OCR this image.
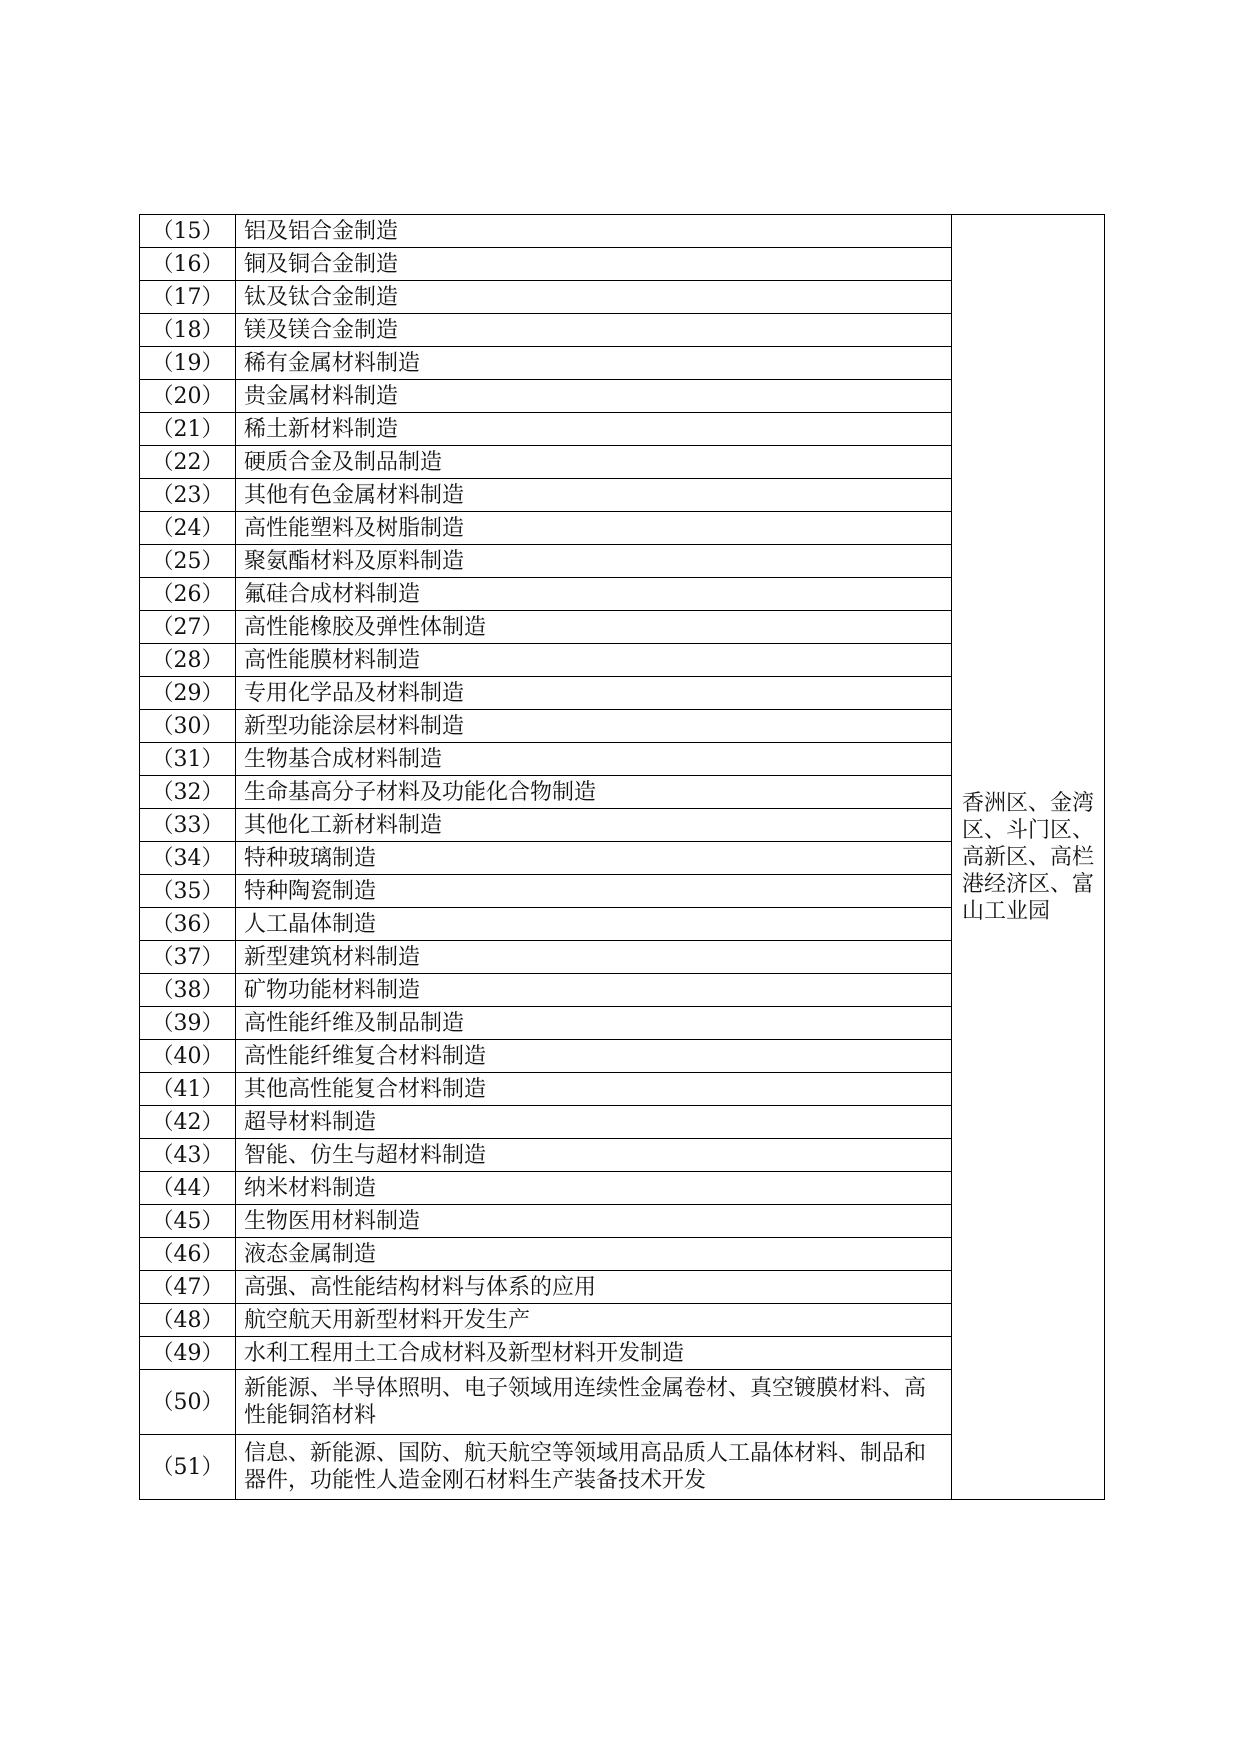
（15）	铝及铝合金制造	香洲区、金湾区、斗门区、高新区、高栏港经济区、富山工业园
（16）	铜及铜合金制造	
（17）	钛及钛合金制造	
（18）	镁及镁合金制造	
（19）	稀有金属材料制造	
（20）	贵金属材料制造	
（21）	稀土新材料制造	
（22）	硬质合金及制品制造	
（23）	其他有色金属材料制造	
（24）	高性能塑料及树脂制造	
（25）	聚氨酯材料及原料制造	
（26）	氟硅合成材料制造	
（27）	高性能橡胶及弹性体制造	
（28）	高性能膜材料制造	
（29）	专用化学品及材料制造	
（30）	新型功能涂层材料制造	
（31）	生物基合成材料制造	
（32）	生命基高分子材料及功能化合物制造	
（33）	其他化工新材料制造	
（34）	特种玻璃制造	
（35）	特种陶瓷制造	
（36）	人工晶体制造	
（37）	新型建筑材料制造	
（38）	矿物功能材料制造	
（39）	高性能纤维及制品制造	
（40）	高性能纤维复合材料制造	
（41）	其他高性能复合材料制造	
（42）	超导材料制造	
（43）	智能、仿生与超材料制造	
（44）	纳米材料制造	
（45）	生物医用材料制造	
（46）	液态金属制造	
（47）	高强、高性能结构材料与体系的应用	
（48）	航空航天用新型材料开发生产	
（49）	水利工程用土工合成材料及新型材料开发制造	
（50）	新能源、半导体照明、电子领域用连续性金属卷材、真空镀膜材料、高性能铜箔材料	
（51）	信息、新能源、国防、航天航空等领域用高品质人工晶体材料、制品和器件，功能性人造金刚石材料生产装备技术开发	
